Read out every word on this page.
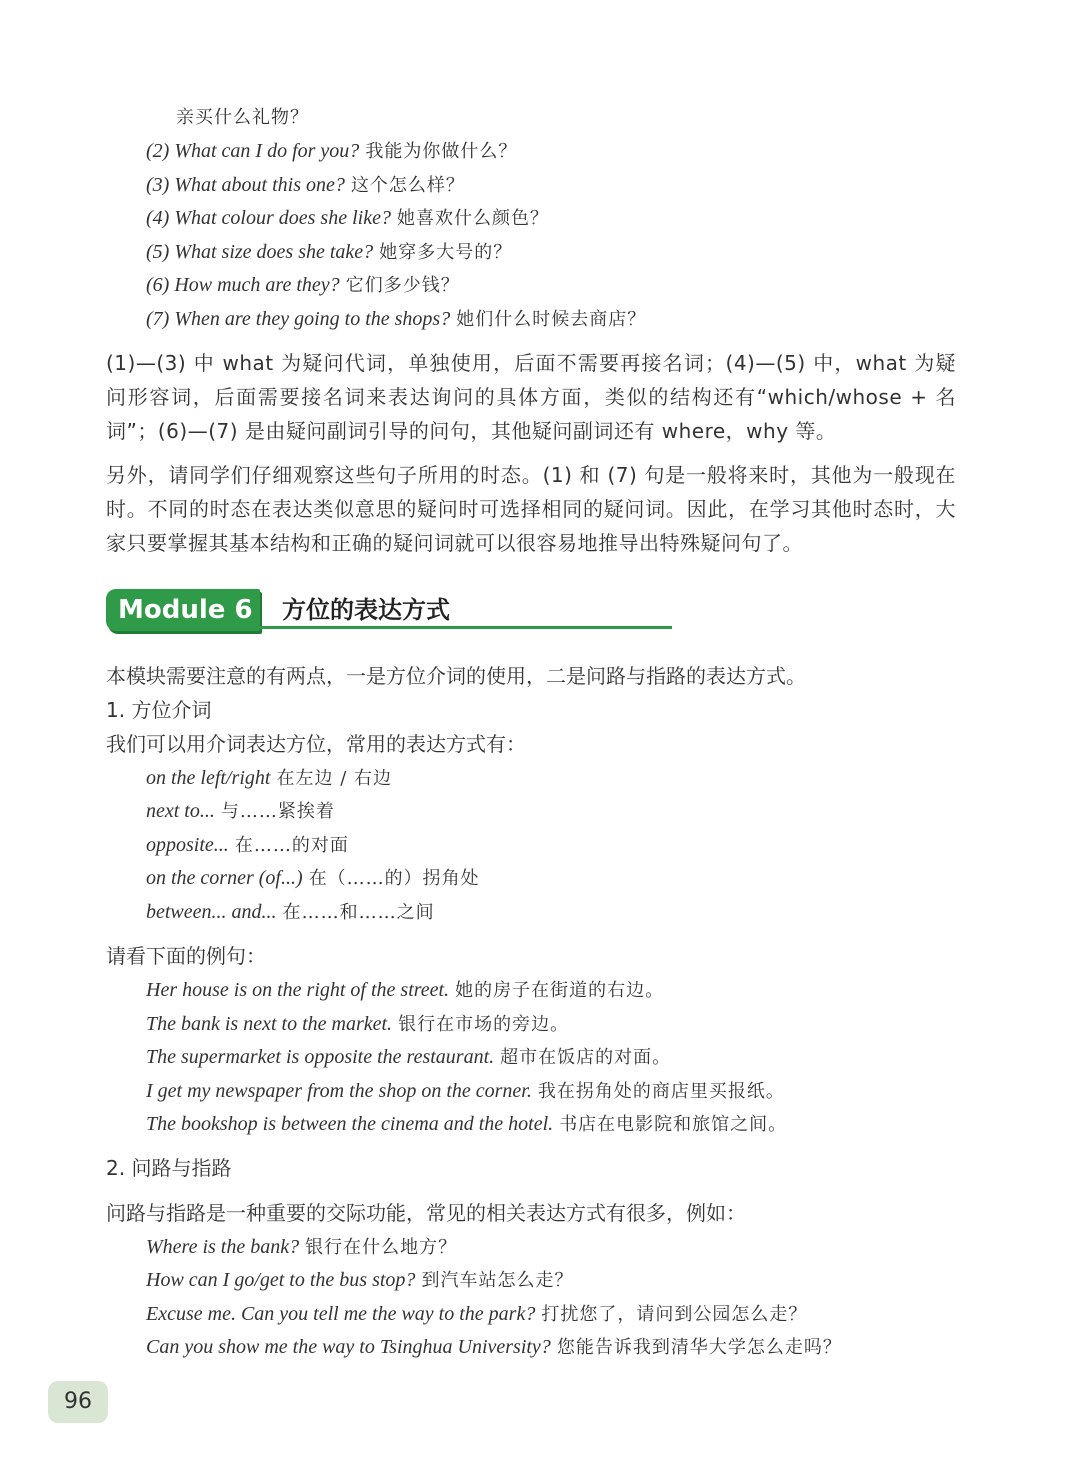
亲买什么礼物？
(2) What can I do for you? 我能为你做什么？
(3) What about this one? 这个怎么样？
(4) What colour does she like? 她喜欢什么颜色？
(5) What size does she take? 她穿多大号的？
(6) How much are they? 它们多少钱？
(7) When are they going to the shops? 她们什么时候去商店？
(1)—(3) 中 what 为疑问代词，单独使用，后面不需要再接名词；(4)—(5) 中，what 为疑问形容词，后面需要接名词来表达询问的具体方面，类似的结构还有“which/whose + 名词”；(6)—(7) 是由疑问副词引导的问句，其他疑问副词还有 where，why 等。
另外，请同学们仔细观察这些句子所用的时态。(1) 和 (7) 句是一般将来时，其他为一般现在时。不同的时态在表达类似意思的疑问时可选择相同的疑问词。因此，在学习其他时态时，大家只要掌握其基本结构和正确的疑问词就可以很容易地推导出特殊疑问句了。
Module 6 方位的表达方式
本模块需要注意的有两点，一是方位介词的使用，二是问路与指路的表达方式。
1. 方位介词
我们可以用介词表达方位，常用的表达方式有：
on the left/right 在左边 / 右边
next to... 与……紧挨着
opposite... 在……的对面
on the corner (of...) 在（……的）拐角处
between... and... 在……和……之间
请看下面的例句：
Her house is on the right of the street. 她的房子在街道的右边。
The bank is next to the market. 银行在市场的旁边。
The supermarket is opposite the restaurant. 超市在饭店的对面。
I get my newspaper from the shop on the corner. 我在拐角处的商店里买报纸。
The bookshop is between the cinema and the hotel. 书店在电影院和旅馆之间。
2. 问路与指路
问路与指路是一种重要的交际功能，常见的相关表达方式有很多，例如：
Where is the bank? 银行在什么地方？
How can I go/get to the bus stop? 到汽车站怎么走？
Excuse me. Can you tell me the way to the park? 打扰您了，请问到公园怎么走？
Can you show me the way to Tsinghua University? 您能告诉我到清华大学怎么走吗？
96
